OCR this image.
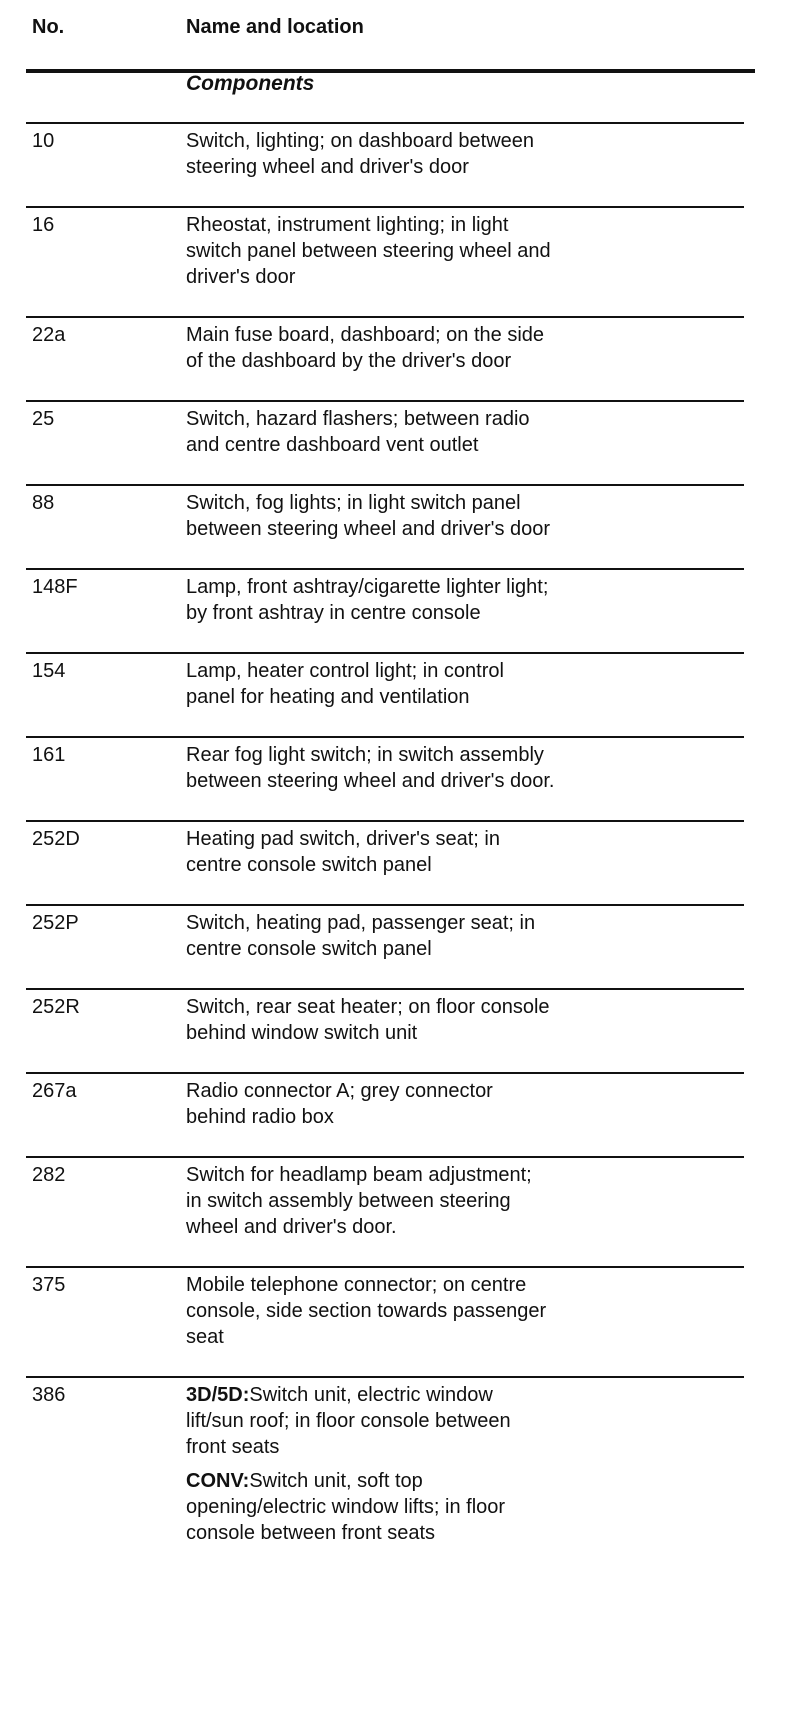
No.	Name and location
Components
10	Switch, lighting; on dashboard between
steering wheel and driver's door
16	Rheostat, instrument lighting; in light
switch panel between steering wheel and
driver's door
22a	Main fuse board, dashboard; on the side
of the dashboard by the driver's door
25	Switch, hazard flashers; between radio
and centre dashboard vent outlet
88	Switch, fog lights; in light switch panel
between steering wheel and driver's door
148F	Lamp, front ashtray/cigarette lighter light;
by front ashtray in centre console
154	Lamp, heater control light; in control
panel for heating and ventilation
161	Rear fog light switch; in switch assembly
between steering wheel and driver's door.
252D	Heating pad switch, driver's seat; in
centre console switch panel
252P	Switch, heating pad, passenger seat; in
centre console switch panel
252R	Switch, rear seat heater; on floor console
behind window switch unit
267a	Radio connector A; grey connector
behind radio box
282	Switch for headlamp beam adjustment;
in switch assembly between steering
wheel and driver's door.
375	Mobile telephone connector; on centre
console, side section towards passenger
seat
386	3D/5D:Switch unit, electric window
lift/sun roof; in floor console between
front seats
CONV:Switch unit, soft top
opening/electric window lifts; in floor
console between front seats
